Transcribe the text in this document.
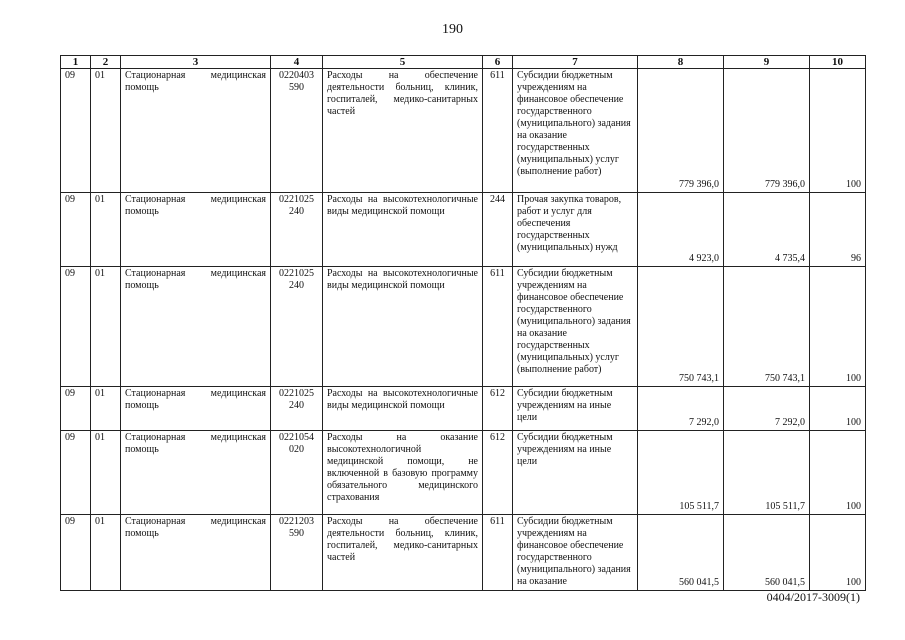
190
1	2	3	4	5	6	7	8	9	10
09	01	Стационарная медицинская помощь	0220403 590	Расходы на обеспечение деятельности больниц, клиник, госпиталей, медико-санитарных частей	611	Субсидии бюджетным учреждениям на финансовое обеспечение государственного (муниципального) задания на оказание государственных (муниципальных) услуг (выполнение работ)	779 396,0	779 396,0	100
09	01	Стационарная медицинская помощь	0221025 240	Расходы на высокотехнологичные виды медицинской помощи	244	Прочая закупка товаров, работ и услуг для обеспечения государственных (муниципальных) нужд	4 923,0	4 735,4	96
09	01	Стационарная медицинская помощь	0221025 240	Расходы на высокотехнологичные виды медицинской помощи	611	Субсидии бюджетным учреждениям на финансовое обеспечение государственного (муниципального) задания на оказание государственных (муниципальных) услуг (выполнение работ)	750 743,1	750 743,1	100
09	01	Стационарная медицинская помощь	0221025 240	Расходы на высокотехнологичные виды медицинской помощи	612	Субсидии бюджетным учреждениям на иные цели	7 292,0	7 292,0	100
09	01	Стационарная медицинская помощь	0221054 020	Расходы на оказание высокотехнологичной медицинской помощи, не включенной в базовую программу обязательного медицинского страхования	612	Субсидии бюджетным учреждениям на иные цели	105 511,7	105 511,7	100
09	01	Стационарная медицинская помощь	0221203 590	Расходы на обеспечение деятельности больниц, клиник, госпиталей, медико-санитарных частей	611	Субсидии бюджетным учреждениям на финансовое обеспечение государственного (муниципального) задания на оказание	560 041,5	560 041,5	100
0404/2017-3009(1)
